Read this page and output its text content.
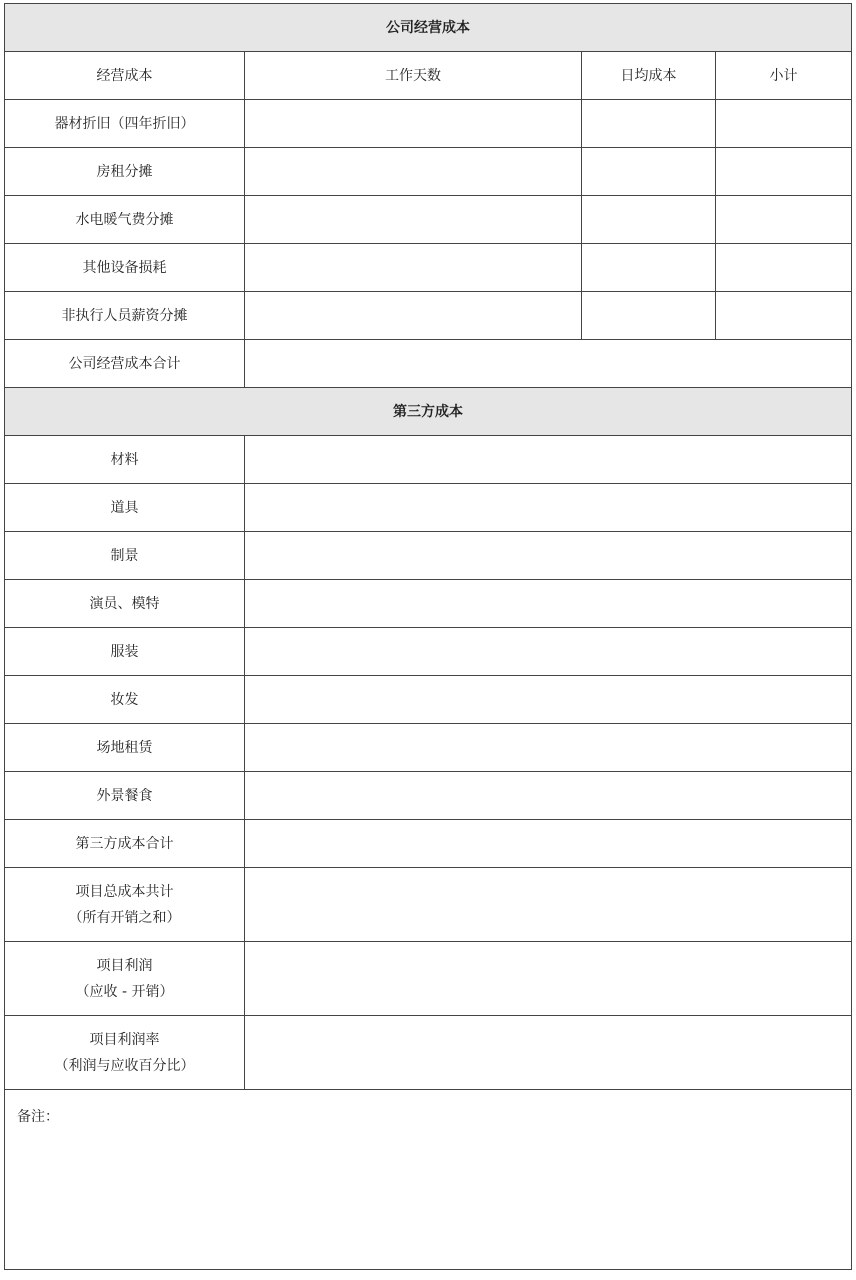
公司经营成本			
经营成本	工作天数	日均成本	小计
器材折旧（四年折旧）			
房租分摊			
水电暖气费分摊			
其他设备损耗			
非执行人员薪资分摊			
公司经营成本合计			
第三方成本			
材料			
道具			
制景			
演员、模特			
服装			
妆发			
场地租赁			
外景餐食			
第三方成本合计			

项目总成本共计
（所有开销之和）			

项目利润
（应收 - 开销）			

项目利润率
（利润与应收百分比）			

备注：			
